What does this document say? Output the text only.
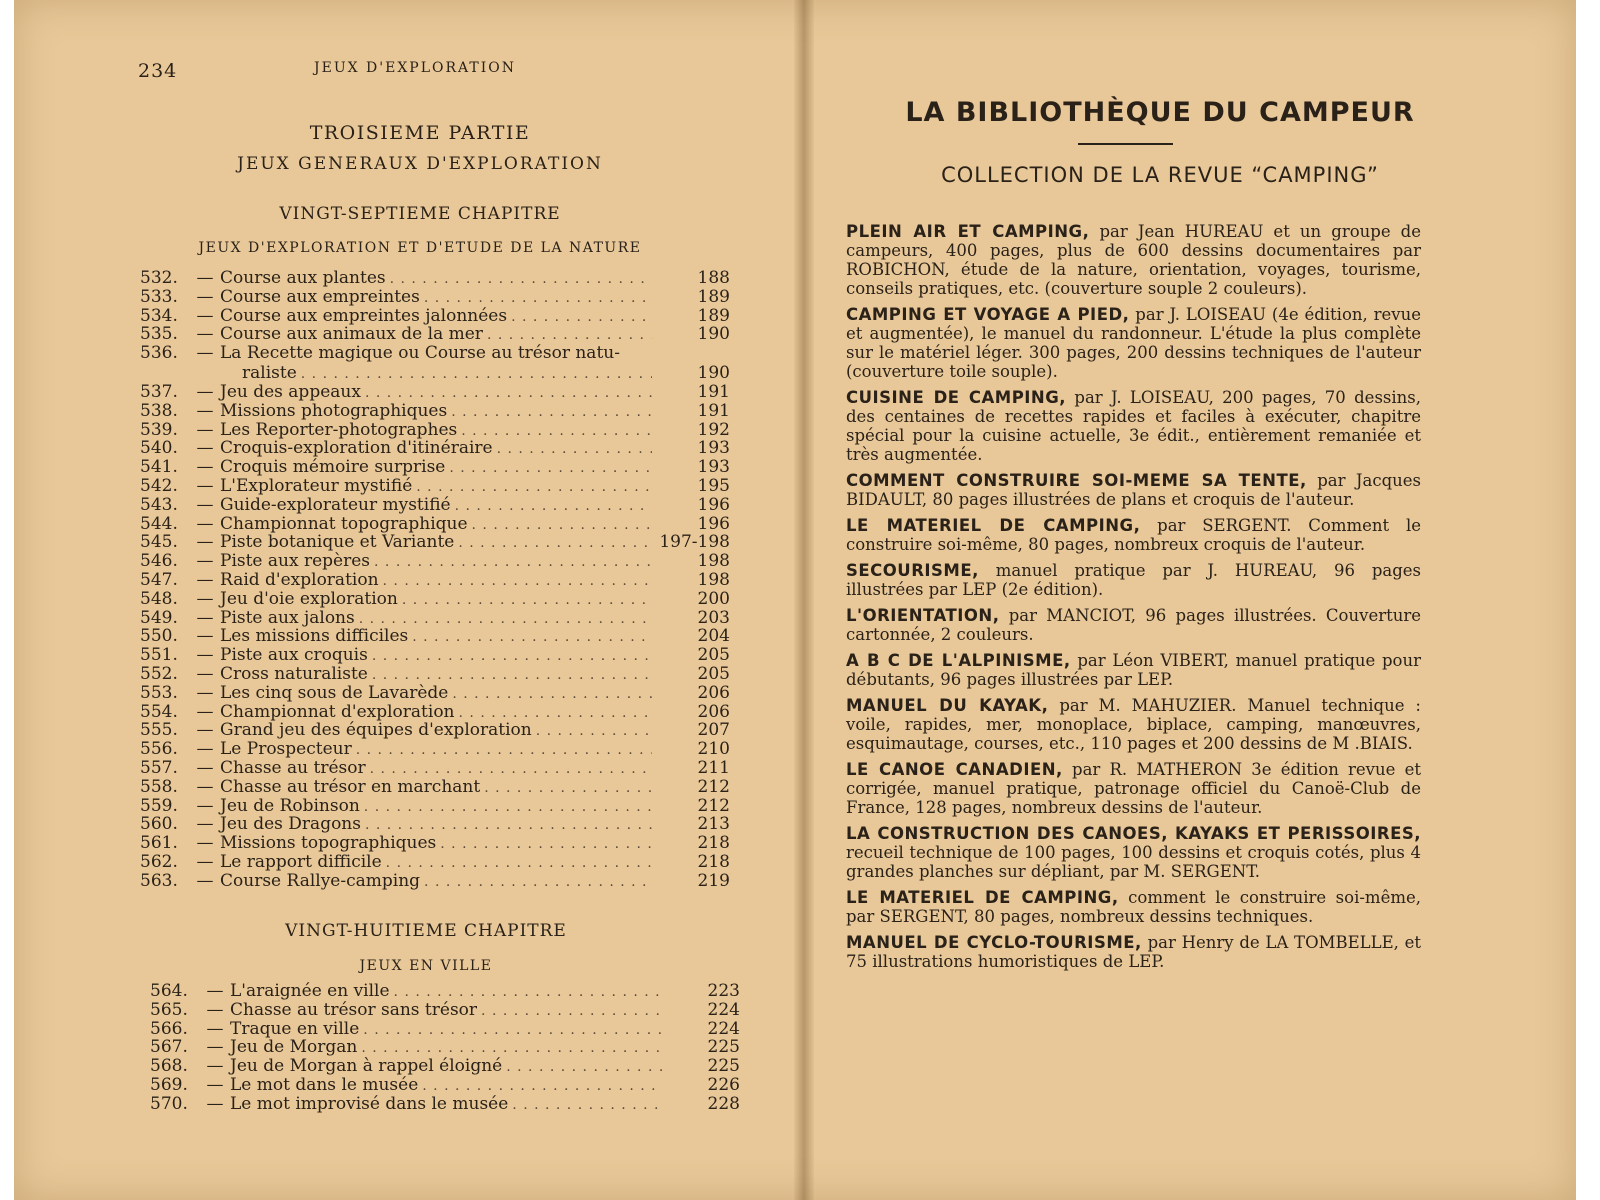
234	JEUX D'EXPLORATION
TROISIEME PARTIE
JEUX GENERAUX D'EXPLORATION
VINGT-SEPTIEME CHAPITRE
JEUX D'EXPLORATION ET D'ETUDE DE LA NATURE
532.	— Course aux plantes . . .	188
533.	— Course aux empreintes . . .	189
534.	— Course aux empreintes jalonnées . . .	189
535.	— Course aux animaux de la mer . . .	190
536.	— La Recette magique ou Course au trésor natu-
raliste . . .	190
537.	— Jeu des appeaux . . .	191
538.	— Missions photographiques . . .	191
539.	— Les Reporter-photographes . . .	192
540.	— Croquis-exploration d'itinéraire . . .	193
541.	— Croquis mémoire surprise . . .	193
542.	— L'Explorateur mystifié . . .	195
543.	— Guide-explorateur mystifié . . .	196
544.	— Championnat topographique . . .	196
545.	— Piste botanique et Variante . . .	197-198
546.	— Piste aux repères . . .	198
547.	— Raid d'exploration . . .	198
548.	— Jeu d'oie exploration . . .	200
549.	— Piste aux jalons . . .	203
550.	— Les missions difficiles . . .	204
551.	— Piste aux croquis . . .	205
552.	— Cross naturaliste . . .	205
553.	— Les cinq sous de Lavarède . . .	206
554.	— Championnat d'exploration . . .	206
555.	— Grand jeu des équipes d'exploration . . .	207
556.	— Le Prospecteur . . .	210
557.	— Chasse au trésor . . .	211
558.	— Chasse au trésor en marchant . . .	212
559.	— Jeu de Robinson . . .	212
560.	— Jeu des Dragons . . .	213
561.	— Missions topographiques . . .	218
562.	— Le rapport difficile . . .	218
563.	— Course Rallye-camping . . .	219
VINGT-HUITIEME CHAPITRE
JEUX EN VILLE
564.	— L'araignée en ville . . .	223
565.	— Chasse au trésor sans trésor . . .	224
566.	— Traque en ville . . .	224
567.	— Jeu de Morgan . . .	225
568.	— Jeu de Morgan à rappel éloigné . . .	225
569.	— Le mot dans le musée . . .	226
570.	— Le mot improvisé dans le musée . . .	228
LA BIBLIOTHÈQUE DU CAMPEUR
COLLECTION DE LA REVUE “CAMPING”
PLEIN AIR ET CAMPING, par Jean HUREAU et un groupe de campeurs, 400 pages, plus de 600 dessins documentaires par ROBICHON, étude de la nature, orientation, voyages, tourisme, conseils pratiques, etc. (couverture souple 2 couleurs).
CAMPING ET VOYAGE A PIED, par J. LOISEAU (4e édition, revue et augmentée), le manuel du randonneur. L'étude la plus complète sur le matériel léger. 300 pages, 200 dessins techniques de l'auteur (couverture toile souple).
CUISINE DE CAMPING, par J. LOISEAU, 200 pages, 70 dessins, des centaines de recettes rapides et faciles à exécuter, chapitre spécial pour la cuisine actuelle, 3e édit., entièrement remaniée et très augmentée.
COMMENT CONSTRUIRE SOI-MEME SA TENTE, par Jacques BIDAULT, 80 pages illustrées de plans et croquis de l'auteur.
LE MATERIEL DE CAMPING, par SERGENT. Comment le construire soi-même, 80 pages, nombreux croquis de l'auteur.
SECOURISME, manuel pratique par J. HUREAU, 96 pages illustrées par LEP (2e édition).
L'ORIENTATION, par MANCIOT, 96 pages illustrées. Couverture cartonnée, 2 couleurs.
A B C DE L'ALPINISME, par Léon VIBERT, manuel pratique pour débutants, 96 pages illustrées par LEP.
MANUEL DU KAYAK, par M. MAHUZIER. Manuel technique : voile, rapides, mer, monoplace, biplace, camping, manœuvres, esquimautage, courses, etc., 110 pages et 200 dessins de M .BIAIS.
LE CANOE CANADIEN, par R. MATHERON 3e édition revue et corrigée, manuel pratique, patronage officiel du Canoë-Club de France, 128 pages, nombreux dessins de l'auteur.
LA CONSTRUCTION DES CANOES, KAYAKS ET PERISSOIRES, recueil technique de 100 pages, 100 dessins et croquis cotés, plus 4 grandes planches sur dépliant, par M. SERGENT.
LE MATERIEL DE CAMPING, comment le construire soi-même, par SERGENT, 80 pages, nombreux dessins techniques.
MANUEL DE CYCLO-TOURISME, par Henry de LA TOMBELLE, et 75 illustrations humoristiques de LEP.
